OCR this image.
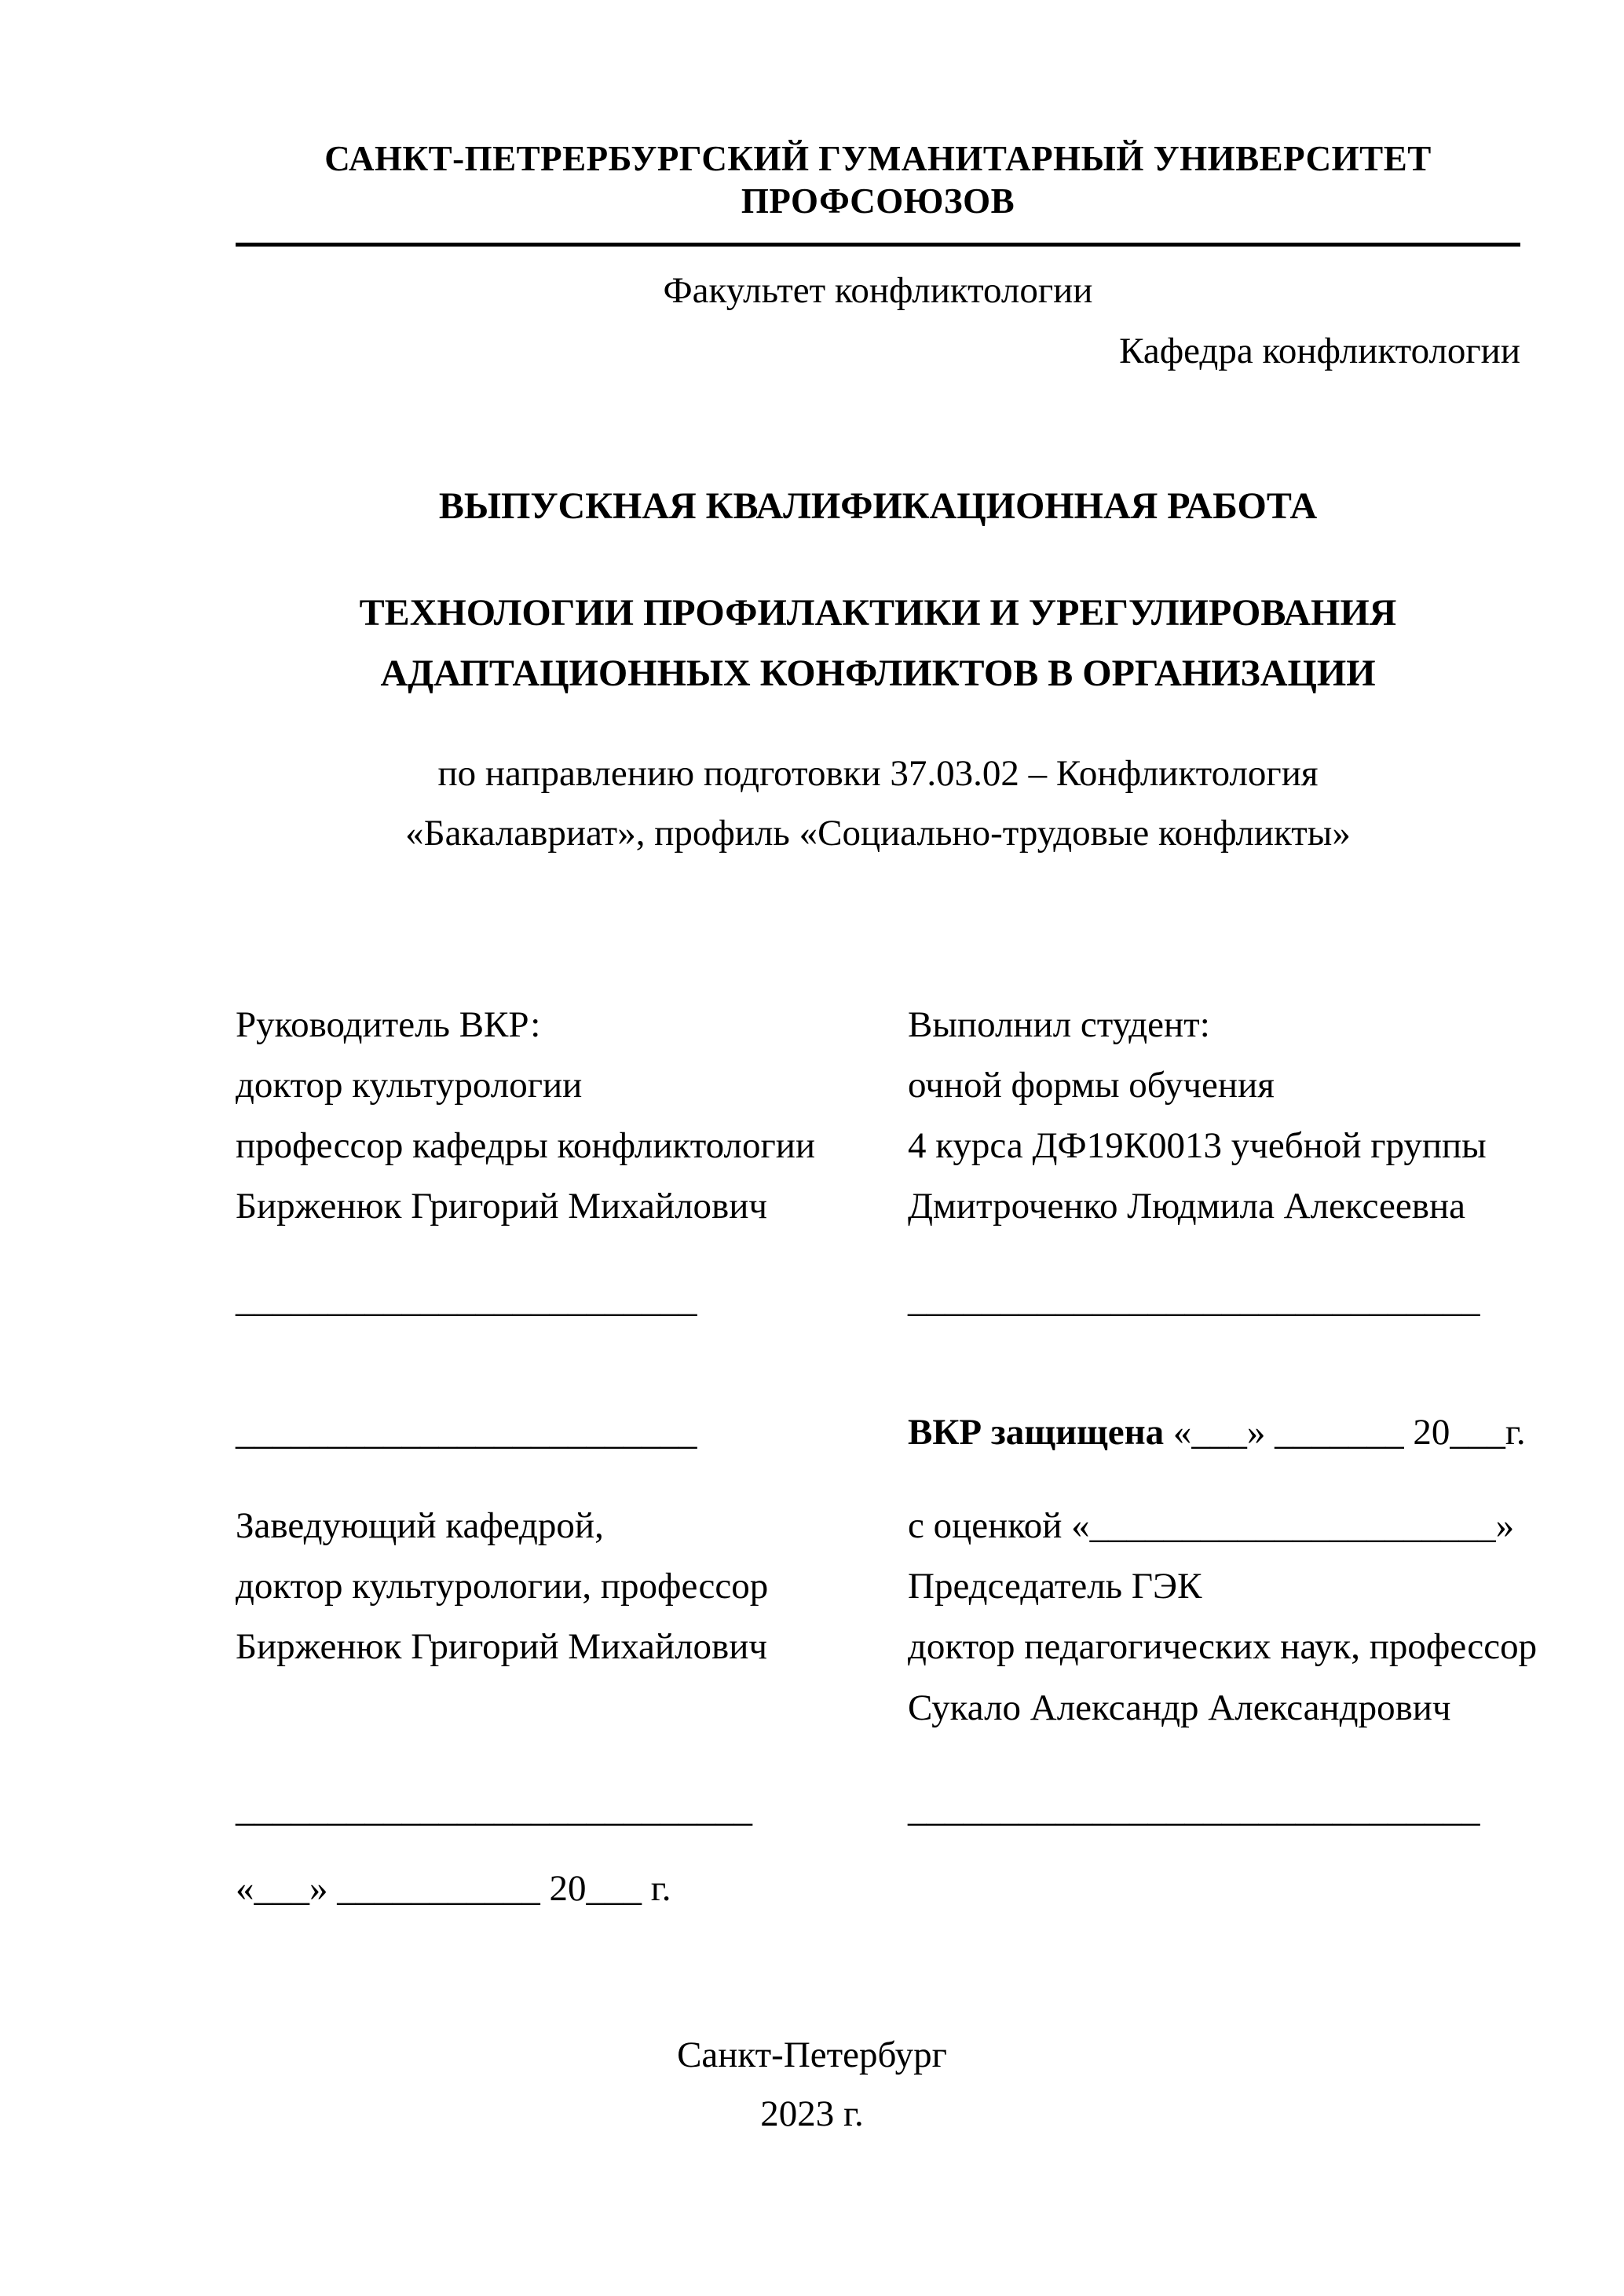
САНКТ-ПЕТРЕРБУРГСКИЙ ГУМАНИТАРНЫЙ УНИВЕРСИТЕТ ПРОФСОЮЗОВ
Факультет конфликтологии
Кафедра конфликтологии
ВЫПУСКНАЯ КВАЛИФИКАЦИОННАЯ РАБОТА
ТЕХНОЛОГИИ ПРОФИЛАКТИКИ И УРЕГУЛИРОВАНИЯ
АДАПТАЦИОННЫХ КОНФЛИКТОВ В ОРГАНИЗАЦИИ
по направлению подготовки 37.03.02 – Конфликтология
«Бакалавриат», профиль «Социально-трудовые конфликты»
Руководитель ВКР:
доктор культурологии
профессор кафедры конфликтологии
Бирженюк Григорий Михайлович
Выполнил студент:
очной формы обучения
4 курса ДФ19К0013 учебной группы
Дмитроченко Людмила Алексеевна
_________________________	_______________________________
_________________________	ВКР защищена «___» _______ 20___г.
Заведующий кафедрой,
доктор культурологии, профессор
Бирженюк Григорий Михайлович
с оценкой «______________________»
Председатель ГЭК
доктор педагогических наук, профессор
Сукало Александр Александрович
____________________________	_______________________________
«___» ___________ 20___ г.
Санкт-Петербург
2023 г.
